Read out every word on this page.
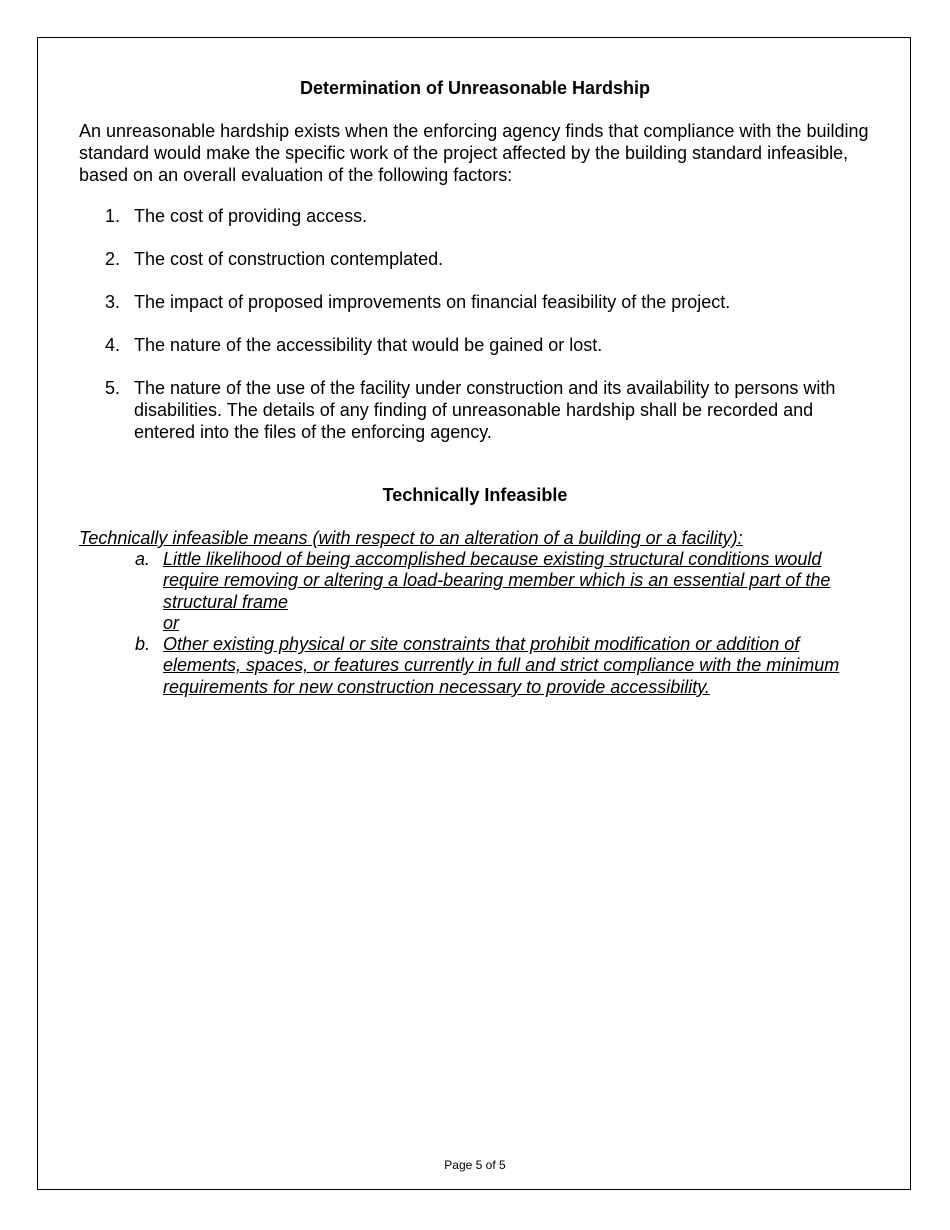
Determination of Unreasonable Hardship

An unreasonable hardship exists when the enforcing agency finds that compliance with the building standard would make the specific work of the project affected by the building standard infeasible, based on an overall evaluation of the following factors:

1. The cost of providing access.
2. The cost of construction contemplated.
3. The impact of proposed improvements on financial feasibility of the project.
4. The nature of the accessibility that would be gained or lost.
5. The nature of the use of the facility under construction and its availability to persons with disabilities. The details of any finding of unreasonable hardship shall be recorded and entered into the files of the enforcing agency.
Technically Infeasible

Technically infeasible means (with respect to an alteration of a building or a facility):

a. Little likelihood of being accomplished because existing structural conditions would require removing or altering a load-bearing member which is an essential part of the structural frame
or
b. Other existing physical or site constraints that prohibit modification or addition of elements, spaces, or features currently in full and strict compliance with the minimum requirements for new construction necessary to provide accessibility.
Page 5 of 5
